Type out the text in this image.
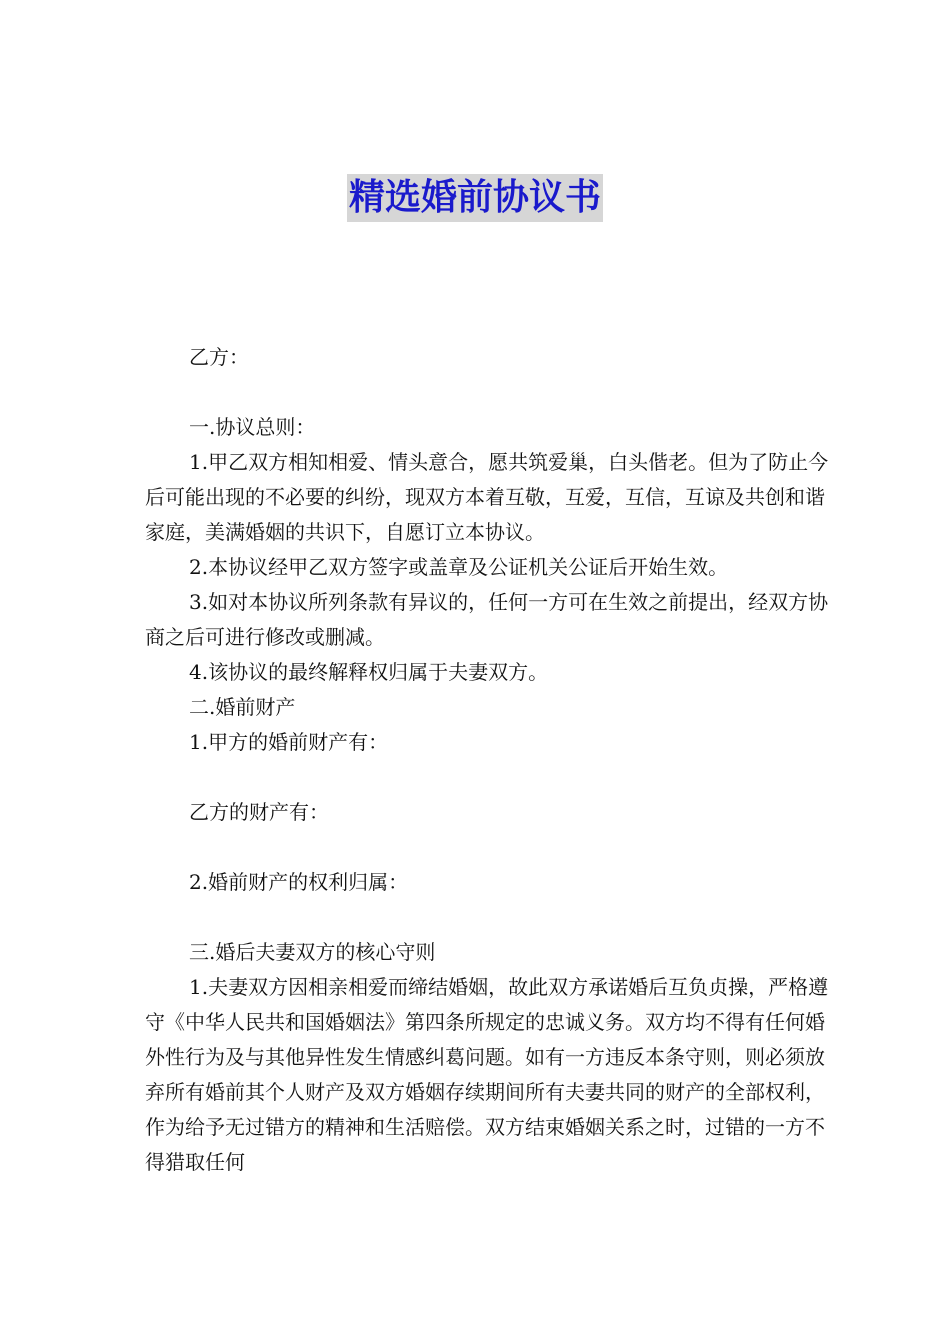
精选婚前协议书

乙方：

一.协议总则：

1.甲乙双方相知相爱、情头意合，愿共筑爱巢，白头偕老。但为了防止今后可能出现的不必要的纠纷，现双方本着互敬，互爱，互信，互谅及共创和谐家庭，美满婚姻的共识下，自愿订立本协议。

2.本协议经甲乙双方签字或盖章及公证机关公证后开始生效。

3.如对本协议所列条款有异议的，任何一方可在生效之前提出，经双方协商之后可进行修改或删减。

4.该协议的最终解释权归属于夫妻双方。

二.婚前财产

1.甲方的婚前财产有：

乙方的财产有：

2.婚前财产的权利归属：

三.婚后夫妻双方的核心守则

1.夫妻双方因相亲相爱而缔结婚姻，故此双方承诺婚后互负贞操，严格遵守《中华人民共和国婚姻法》第四条所规定的忠诚义务。双方均不得有任何婚外性行为及与其他异性发生情感纠葛问题。如有一方违反本条守则，则必须放弃所有婚前其个人财产及双方婚姻存续期间所有夫妻共同的财产的全部权利，作为给予无过错方的精神和生活赔偿。双方结束婚姻关系之时，过错的一方不得猎取任何
